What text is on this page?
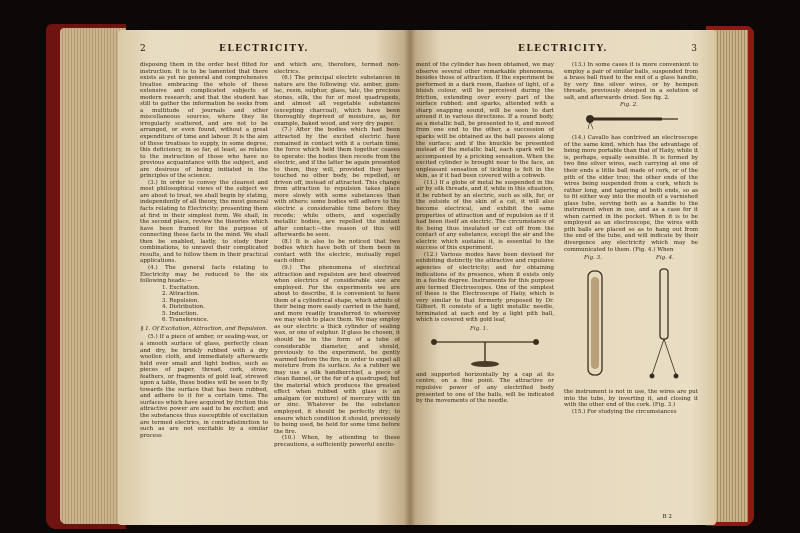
ELECTRICITY.
2

disposing them in the order best fitted for instruction. It is to be lamented that there exists as yet no general and comprehensive treatise embracing the whole of these extensive and complicated subjects of modern research; and that the student has still to gather the information he seeks from a multitude of journals and other miscellaneous sources, where they lie irregularly scattered, and are not to be arranged, or even found, without a great expenditure of time and labour. It is the aim of these treatises to supply, in some degree, this deficiency, in so far, at least, as relates to the instruction of those who have no previous acquaintance with the subject, and are desirous of being initiated in the principles of the science.

(3.) In order to convey the clearest and most philosophical views of the subject we are about to treat, we shall begin by stating, independently of all theory, the most general facts relating to Electricity; presenting them at first in their simplest form. We shall, in the second place, review the theories which have been framed for the purpose of connecting these facts in the mind. We shall then be enabled, lastly, to study their combinations, to unravel their complicated results, and to follow them in their practical applications.

(4.) The general facts relating to Electricity may be reduced to the six following heads:—

1. Excitation.

2. Attraction.

3. Repulsion.

4. Distribution.

5. Induction.

6. Transference.

§ 1. Of Excitation, Attraction, and Repulsion.

(5.) If a piece of amber, or sealing-wax, or a smooth surface of glass, perfectly clean and dry, be briskly rubbed with a dry woollen cloth, and immediately afterwards held over small and light bodies, such as pieces of paper, thread, cork, straw, feathers, or fragments of gold leaf, strewed upon a table, these bodies will be seen to fly towards the surface that has been rubbed, and adhere to it for a certain time. The surfaces which have acquired by friction this attractive power are said to be excited; and the substances thus susceptible of excitation are termed electrics, in contradistinction to such as are not excitable by a similar process

and which are, therefore, termed non-electrics.

(6.) The principal electric substances in nature are the following: viz. amber, gum-lac, resin, sulphur, glass, talc, the precious stones, silk, the fur of most quadrupeds, and almost all vegetable substances (excepting charcoal), which have been thoroughly deprived of moisture, as, for example, baked wood, and very dry paper.

(7.) After the bodies which had been attracted by the excited electric have remained in contact with it a certain time, the force which held them together ceases to operate: the bodies then recede from the electric, and if the latter be again presented to them, they will, provided they have touched no other body, be repelled, or driven off, instead of attracted. This change from attraction to repulsion takes place more slowly with some substances than with others: some bodies will adhere to the electric a considerable time before they recede; while others, and especially metallic bodies, are repelled the instant after contact:—the reason of this will afterwards be seen.

(8.) It is also to be noticed that two bodies which have both of them been in contact with the electric, mutually repel each other.

(9.) The phenomena of electrical attraction and repulsion are best observed when electrics of considerable size are employed. For the experiments we are about to describe, it is convenient to have them of a cylindrical shape, which admits of their being more easily carried in the hand, and more readily transferred to wherever we may wish to place them. We may employ as our electric a thick cylinder of sealing wax, or one of sulphur. If glass be chosen, it should be in the form of a tube of considerable diameter, and should, previously to the experiment, be gently warmed before the fire, in order to expel all moisture from its surface. As a rubber we may use a silk handkerchief, a piece of clean flannel, or the fur of a quadruped; but the material which produces the greatest effect when rubbed with glass is an amalgam (or mixture) of mercury with tin or zinc. Whatever be the substance employed, it should be perfectly dry; to ensure which condition it should, previously to being used, be held for some time before the fire.

(10.) When, by attending to these precautions, a sufficiently powerful excite-

ELECTRICITY.	3

ment of the cylinder has been obtained, we may observe several other remarkable phenomena, besides those of attraction. If the experiment be performed in a dark room, flashes of light, of a bluish colour, will be perceived during the friction, extending over every part of the surface rubbed; and sparks, attended with a sharp snapping sound, will be seen to dart around it in various directions. If a round body, as a metallic ball, be presented to it, and moved from one end to the other, a succession of sparks will be obtained as the ball passes along the surface; and if the knuckle be presented instead of the metallic ball, each spark will be accompanied by a pricking sensation. When the excited cylinder is brought near to the face, an unpleasant sensation of tickling is felt in the skin, as if it had been covered with a cobweb.

(11.) If a globe of metal be suspended in the air by silk threads, and if, while in this situation, it be rubbed by an electric, such as silk, fur, or the outside of the skin of a cat, it will also become electrical, and exhibit the same properties of attraction and of repulsion as if it had been itself an electric. The circumstance of its being thus insulated or cut off from the contact of any substance, except the air and the electric which sustains it, is essential to the success of this experiment.

(12.) Various modes have been devised for exhibiting distinctly the attractive and repulsive agencies of electricity; and for obtaining indications of its presence, when it exists only in a feeble degree. Instruments for this purpose are termed Electroscopes. One of the simplest of these is the Electroscope of Haüy, which is very similar to that formerly proposed by Dr. Gilbert. It consists of a light metallic needle, terminated at each end by a light pith ball, which is covered with gold leaf,

Fig. 1.

and supported horizontally by a cap at its centre, on a fine point. The attractive or repulsive power of any electrified body presented to one of the balls, will be indicated by the movements of the needle.

(13.) In some cases it is more convenient to employ a pair of similar balls, suspended from a brass ball fixed to the end of a glass handle, by very fine silver wires, or by hempen threads, previously steeped in a solution of salt, and afterwards dried. See fig. 2.

Fig. 2.

(14.) Cavallo has contrived an electroscope of the same kind, which has the advantage of being more portable than that of Haüy, while it is, perhaps, equally sensible. It is formed by two fine silver wires, each carrying at one of their ends a little ball made of cork, or of the pith of the elder tree; the other ends of the wires being suspended from a cork, which is rather long, and tapering at both ends, so as to fit either way into the mouth of a varnished glass tube, serving both as a handle to the instrument when in use, and as a case for it when carried in the pocket. When it is to be employed as an electroscope, the wires with pith balls are placed so as to hang out from the end of the tube, and will indicate by their divergence any electricity which may be communicated to them. (Fig. 4.) When

Fig. 3.	Fig. 4.

the instrument is not in use, the wires are put into the tube, by inverting it, and closing it with the other end of the cork. (Fig. 3.)

(15.) For studying the circumstances

B 2
